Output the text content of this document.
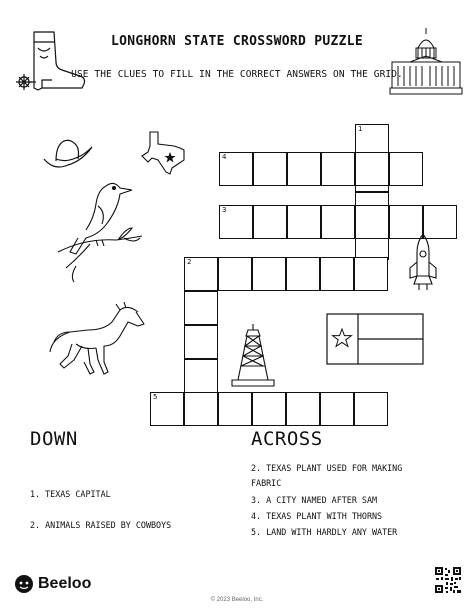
LONGHORN STATE CROSSWORD PUZZLE
USE THE CLUES TO FILL IN THE CORRECT ANSWERS ON THE GRID.
1
4
3
2
5
DOWN
1. TEXAS CAPITAL
2. ANIMALS RAISED BY COWBOYS
ACROSS
2. TEXAS PLANT USED FOR MAKING
FABRIC
3. A CITY NAMED AFTER SAM
4. TEXAS PLANT WITH THORNS
5. LAND WITH HARDLY ANY WATER
Beeloo
© 2023 Beeloo, Inc.
